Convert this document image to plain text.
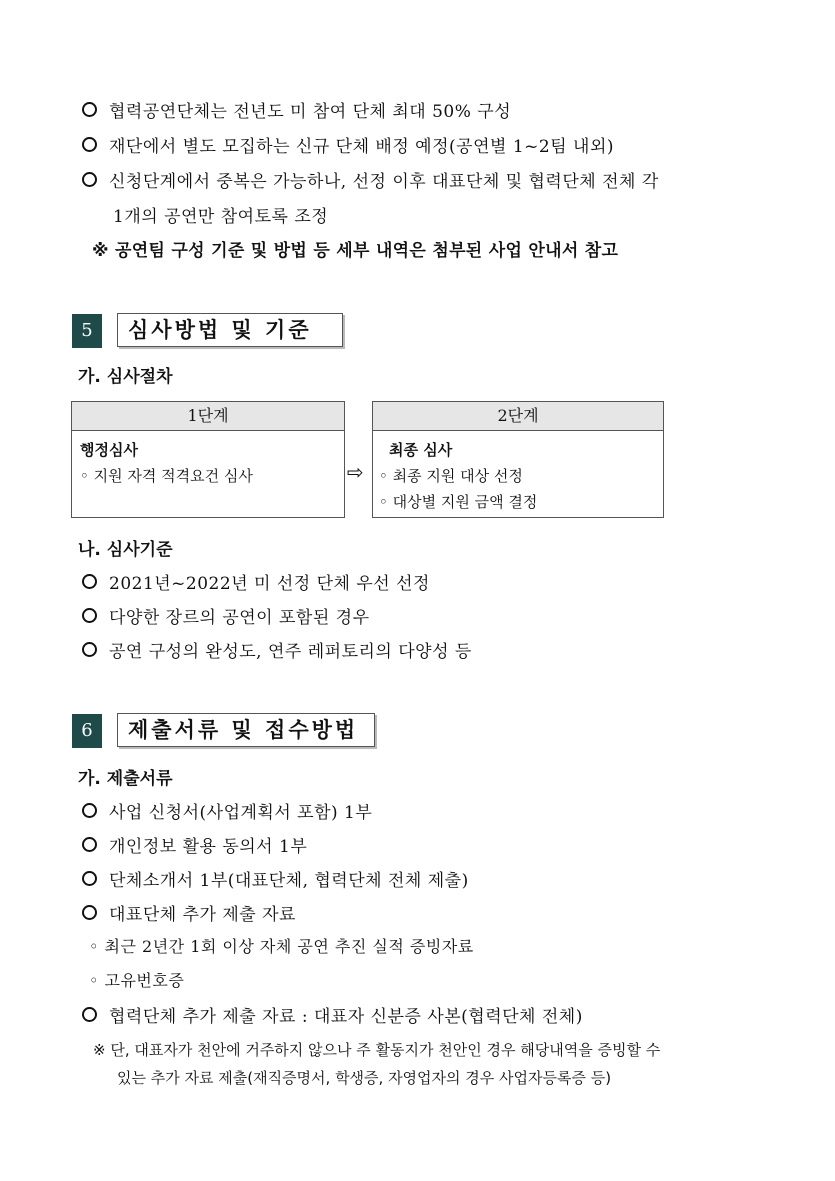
협력공연단체는 전년도 미 참여 단체 최대 50% 구성
재단에서 별도 모집하는 신규 단체 배정 예정(공연별 1~2팀 내외)
신청단계에서 중복은 가능하나, 선정 이후 대표단체 및 협력단체 전체 각
1개의 공연만 참여토록 조정
※ 공연팀 구성 기준 및 방법 등 세부 내역은 첨부된 사업 안내서 참고
5	심사방법 및 기준
가. 심사절차
1단계
행정심사
◦ 지원 자격 적격요건 심사	⇨
2단계
최종 심사
◦ 최종 지원 대상 선정
◦ 대상별 지원 금액 결정
나. 심사기준
2021년~2022년 미 선정 단체 우선 선정
다양한 장르의 공연이 포함된 경우
공연 구성의 완성도, 연주 레퍼토리의 다양성 등
6	제출서류 및 접수방법
가. 제출서류
사업 신청서(사업계획서 포함) 1부
개인정보 활용 동의서 1부
단체소개서 1부(대표단체, 협력단체 전체 제출)
대표단체 추가 제출 자료
◦ 최근 2년간 1회 이상 자체 공연 추진 실적 증빙자료
◦ 고유번호증
협력단체 추가 제출 자료 : 대표자 신분증 사본(협력단체 전체)
※ 단, 대표자가 천안에 거주하지 않으나 주 활동지가 천안인 경우 해당내역을 증빙할 수
있는 추가 자료 제출(재직증명서, 학생증, 자영업자의 경우 사업자등록증 등)
